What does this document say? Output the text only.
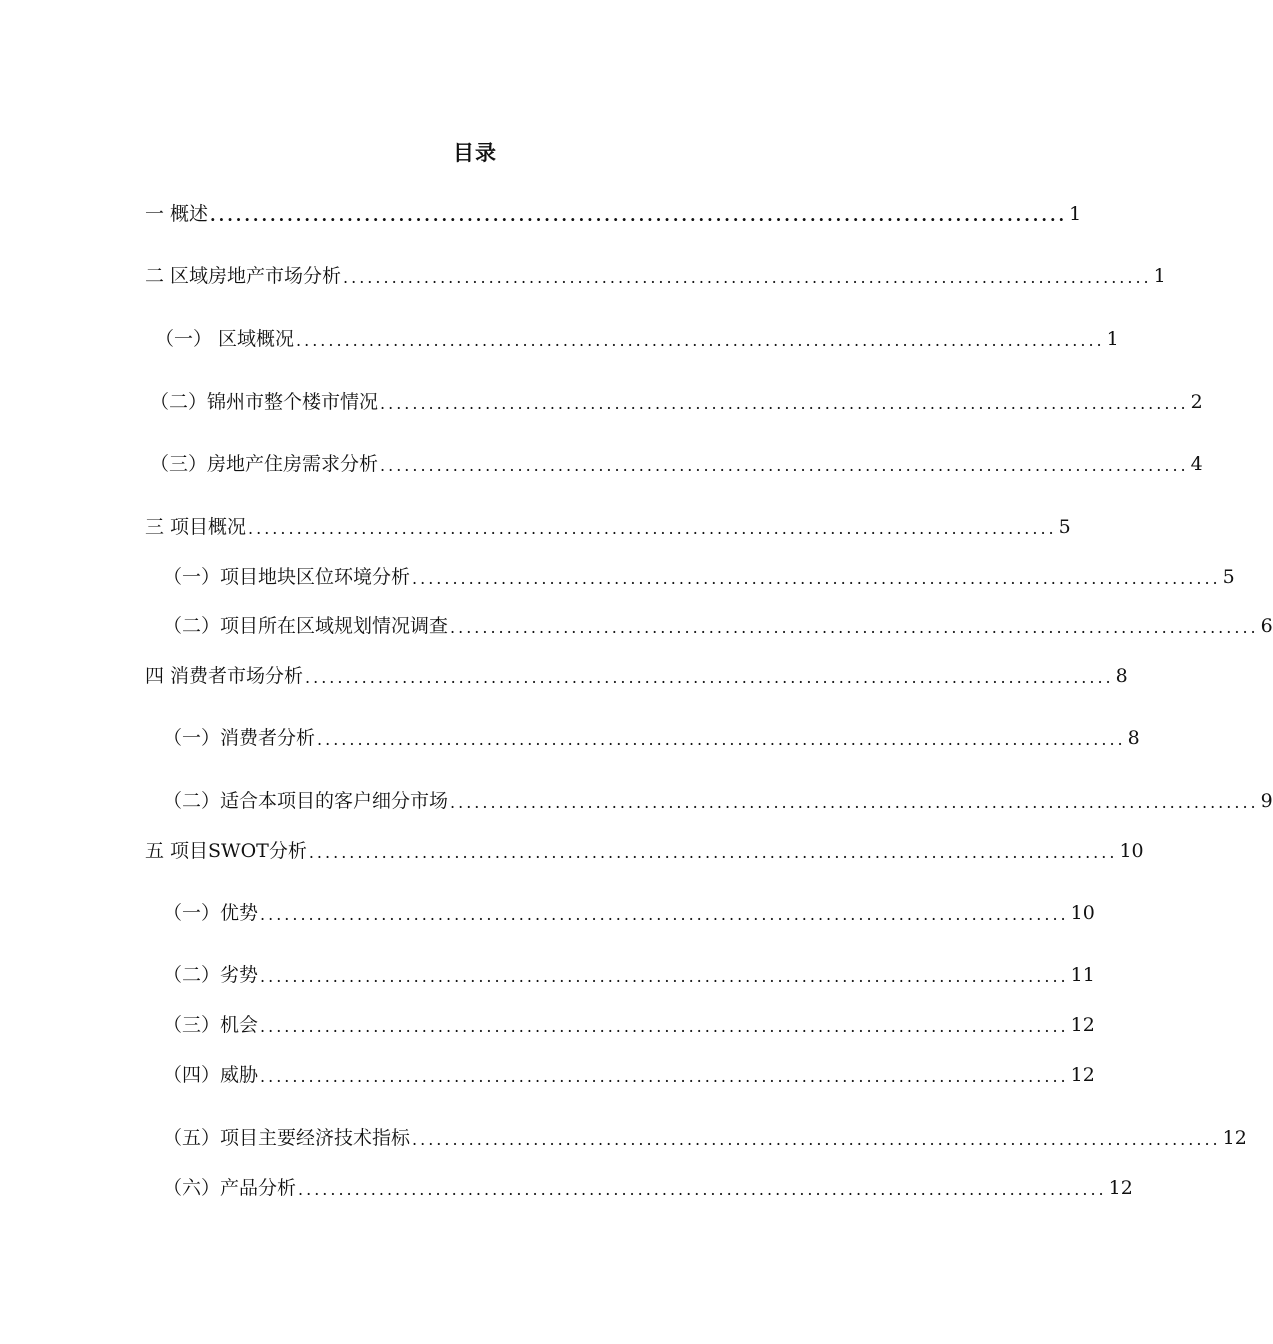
目录
一 概述 .................................................................................................... 1
二 区域房地产市场分析 .................................................................................................... 1
（一） 区域概况 .................................................................................................... 1
（二）锦州市整个楼市情况 .................................................................................................... 2
（三）房地产住房需求分析 .................................................................................................... 4
三 项目概况 .................................................................................................... 5
（一）项目地块区位环境分析 .................................................................................................... 5
（二）项目所在区域规划情况调查 .................................................................................................... 6
四 消费者市场分析 .................................................................................................... 8
（一）消费者分析 .................................................................................................... 8
（二）适合本项目的客户细分市场 .................................................................................................... 9
五 项目SWOT分析 .................................................................................................... 10
（一）优势 .................................................................................................... 10
（二）劣势 .................................................................................................... 11
（三）机会 .................................................................................................... 12
（四）威胁 .................................................................................................... 12
（五）项目主要经济技术指标 .................................................................................................... 12
（六）产品分析 .................................................................................................... 12
